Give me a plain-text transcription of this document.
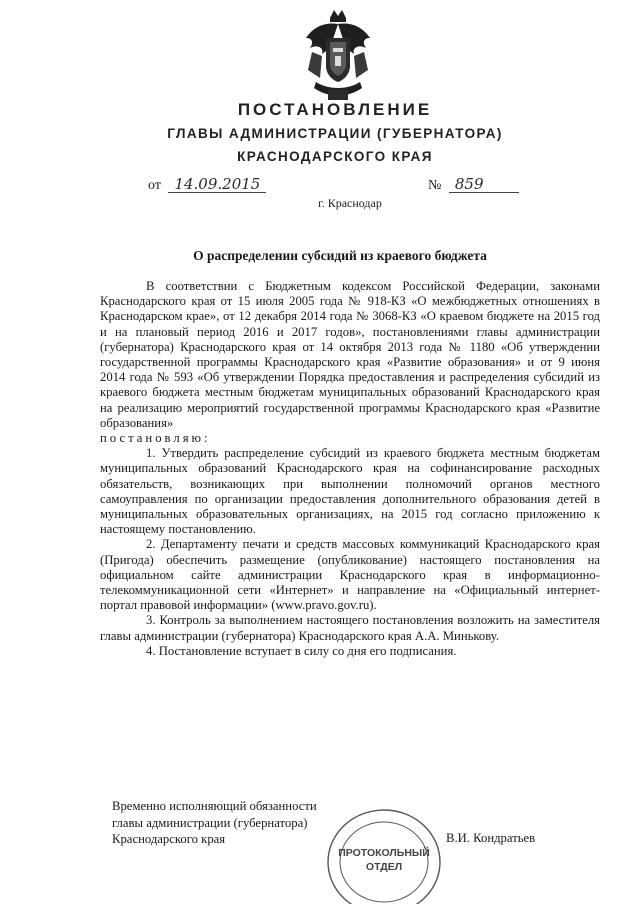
ПОСТАНОВЛЕНИЕ
ГЛАВЫ АДМИНИСТРАЦИИ (ГУБЕРНАТОРА)
КРАСНОДАРСКОГО КРАЯ
от 14.09.2015	№ 859
г. Краснодар
О распределении субсидий из краевого бюджета

В соответствии с Бюджетным кодексом Российской Федерации, законами Краснодарского края от 15 июля 2005 года № 918-КЗ «О межбюджетных отношениях в Краснодарском крае», от 12 декабря 2014 года № 3068-КЗ «О краевом бюджете на 2015 год и на плановый период 2016 и 2017 годов», постановлениями главы администрации (губернатора) Краснодарского края от 14 октября 2013 года № 1180 «Об утверждении государственной программы Краснодарского края «Развитие образования» и от 9 июня 2014 года № 593 «Об утверждении Порядка предоставления и распределения субсидий из краевого бюджета местным бюджетам муниципальных образований Краснодарского края на реализацию мероприятий государственной программы Краснодарского края «Развитие образования»
постановляю:

1. Утвердить распределение субсидий из краевого бюджета местным бюджетам муниципальных образований Краснодарского края на софинансирование расходных обязательств, возникающих при выполнении полномочий органов местного самоуправления по организации предоставления дополнительного образования детей в муниципальных образовательных организациях, на 2015 год согласно приложению к настоящему постановлению.

2. Департаменту печати и средств массовых коммуникаций Краснодарского края (Пригода) обеспечить размещение (опубликование) настоящего постановления на официальном сайте администрации Краснодарского края в информационно-телекоммуникационной сети «Интернет» и направление на «Официальный интернет-портал правовой информации» (www.pravo.gov.ru).

3. Контроль за выполнением настоящего постановления возложить на заместителя главы администрации (губернатора) Краснодарского края А.А. Минькову.

4. Постановление вступает в силу со дня его подписания.

Временно исполняющий обязанности
главы администрации (губернатора)
Краснодарского края
ПРОТОКОЛЬНЫЙ
ОТДЕЛ
В.И. Кондратьев
